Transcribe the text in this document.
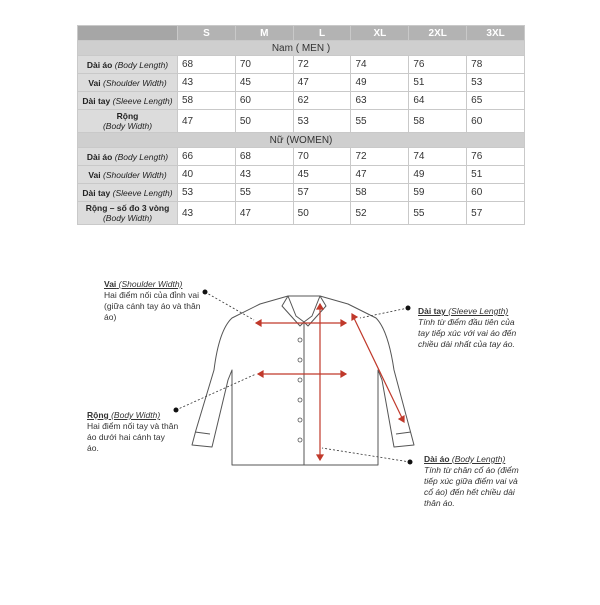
	S	M	L	XL	2XL	3XL
Nam ( MEN )						
Dài áo (Body Length)	68	70	72	74	76	78
Vai (Shoulder Width)	43	45	47	49	51	53
Dài tay (Sleeve Length)	58	60	62	63	64	65
Rộng
(Body Width)	47	50	53	55	58	60
Nữ (WOMEN)						
Dài áo (Body Length)	66	68	70	72	74	76
Vai (Shoulder Width)	40	43	45	47	49	51
Dài tay (Sleeve Length)	53	55	57	58	59	60
Rộng – số đo 3 vòng
(Body Width)	43	47	50	52	55	57
Vai (Shoulder Width)
Hai điểm nối của đỉnh vai (giữa cánh tay áo và thân áo)
Rộng (Body Width)
Hai điểm nối tay và thân áo dưới hai cánh tay áo.
Dài tay (Sleeve Length)
Tính từ điểm đầu tiên của tay tiếp xúc với vai áo đến chiều dài nhất của tay áo.
Dài áo (Body Length)
Tính từ chân cổ áo (điểm tiếp xúc giữa điểm vai và cổ áo) đến hết chiều dài thân áo.
